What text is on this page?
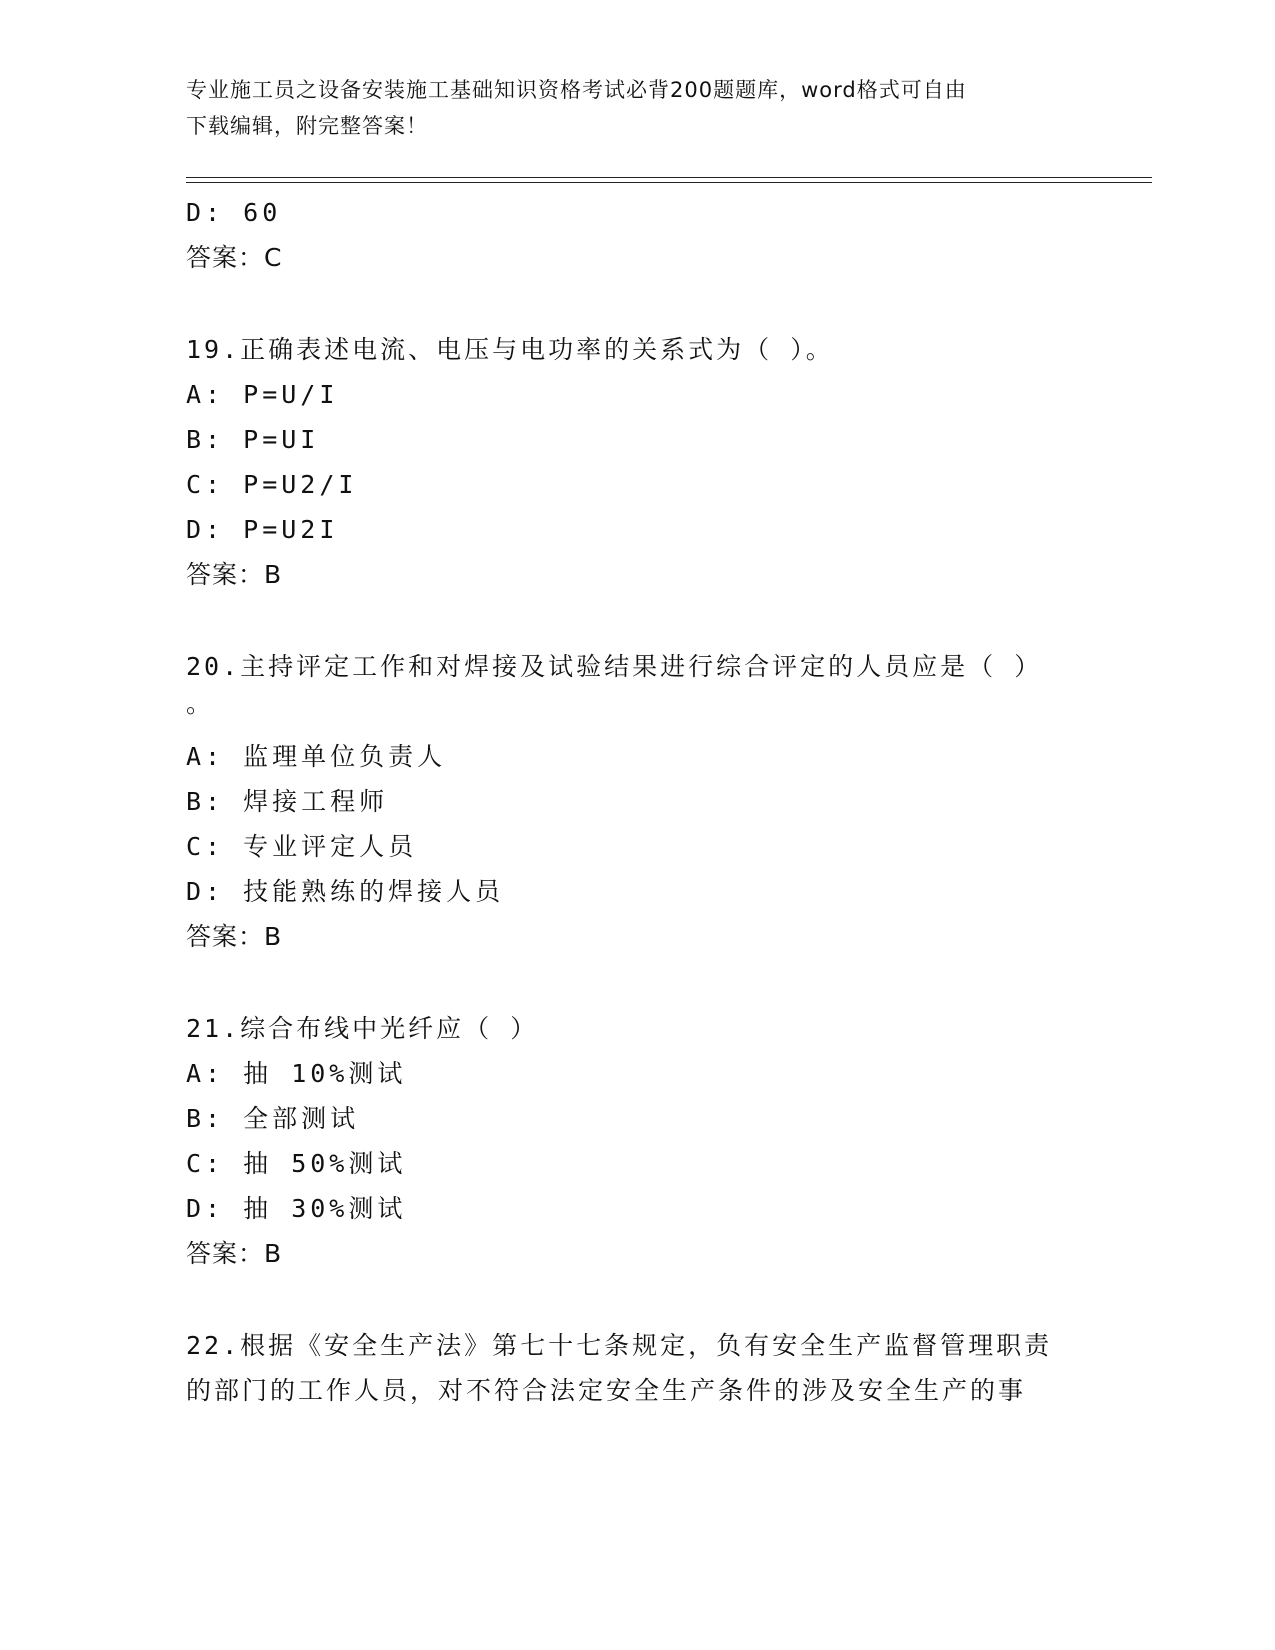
专业施工员之设备安装施工基础知识资格考试必背200题题库，word格式可自由
下载编辑，附完整答案！
D: 60
答案：C
19.正确表述电流、电压与电功率的关系式为（ ）。
A: P=U/I
B: P=UI
C: P=U2/I
D: P=U2I
答案：B
20.主持评定工作和对焊接及试验结果进行综合评定的人员应是（ ）
。
A: 监理单位负责人
B: 焊接工程师
C: 专业评定人员
D: 技能熟练的焊接人员
答案：B
21.综合布线中光纤应（ ）
A: 抽 10%测试
B: 全部测试
C: 抽 50%测试
D: 抽 30%测试
答案：B
22.根据《安全生产法》第七十七条规定，负有安全生产监督管理职责
的部门的工作人员，对不符合法定安全生产条件的涉及安全生产的事
